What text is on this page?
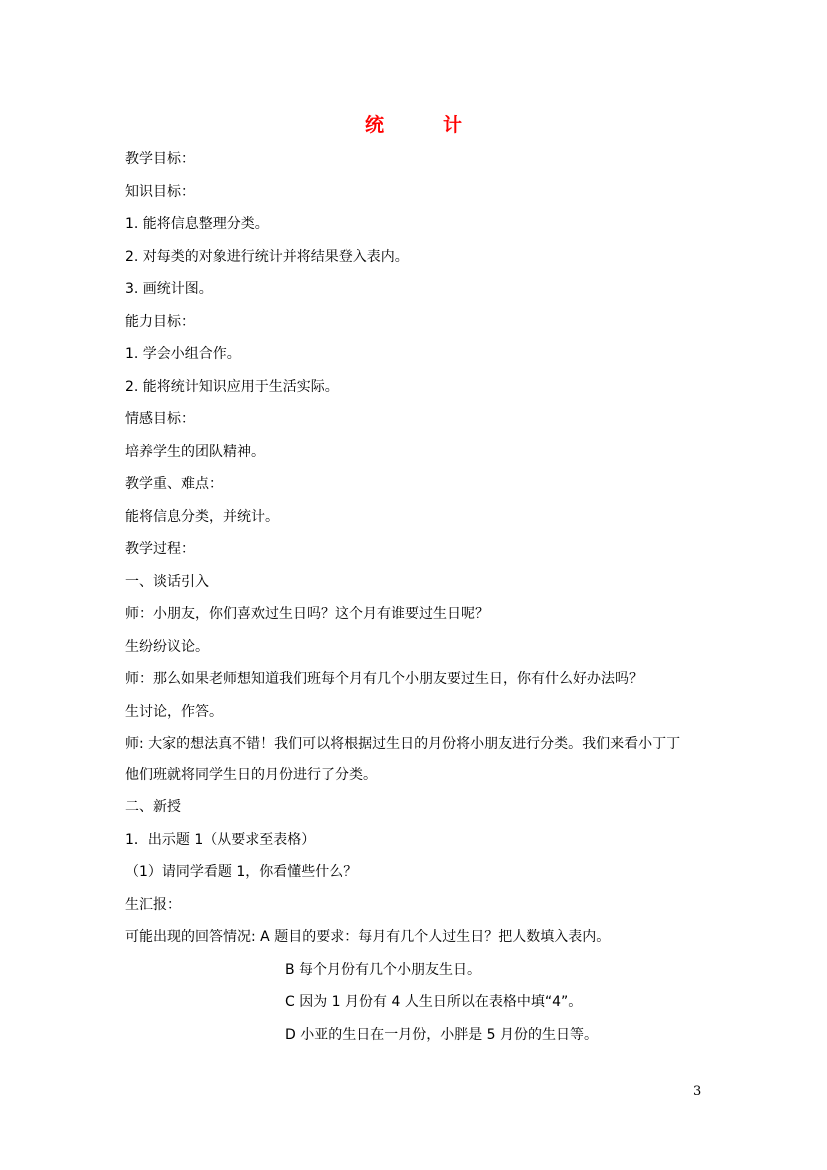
统　计
教学目标：
知识目标：
1. 能将信息整理分类。
2. 对每类的对象进行统计并将结果登入表内。
3. 画统计图。
能力目标：
1. 学会小组合作。
2. 能将统计知识应用于生活实际。
情感目标：
培养学生的团队精神。
教学重、难点：
能将信息分类，并统计。
教学过程：
一、谈话引入
师：小朋友，你们喜欢过生日吗？这个月有谁要过生日呢？
生纷纷议论。
师：那么如果老师想知道我们班每个月有几个小朋友要过生日，你有什么好办法吗？
生讨论，作答。
师: 大家的想法真不错！我们可以将根据过生日的月份将小朋友进行分类。我们来看小丁丁
他们班就将同学生日的月份进行了分类。
二、新授
1．出示题 1（从要求至表格）
（1）请同学看题 1，你看懂些什么？
生汇报：
可能出现的回答情况: A 题目的要求：每月有几个人过生日？把人数填入表内。
B 每个月份有几个小朋友生日。
C 因为 1 月份有 4 人生日所以在表格中填“4”。
D 小亚的生日在一月份，小胖是 5 月份的生日等。
3
